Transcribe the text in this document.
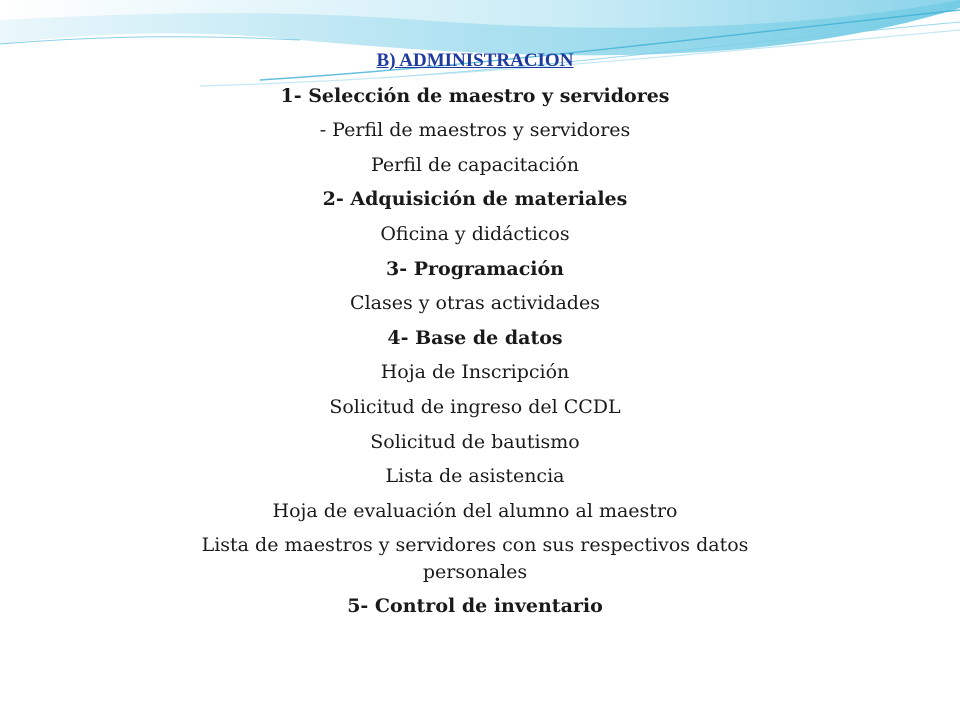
B) ADMINISTRACION

1- Selección de maestro y servidores

- Perfil de maestros y servidores

Perfil de capacitación

2- Adquisición de materiales

Oficina y didácticos

3- Programación

Clases y otras actividades

4- Base de datos

Hoja de Inscripción

Solicitud de ingreso del CCDL

Solicitud de bautismo

Lista de asistencia

Hoja de evaluación del alumno al maestro

Lista de maestros y servidores con sus respectivos datos personales

5- Control de inventario
